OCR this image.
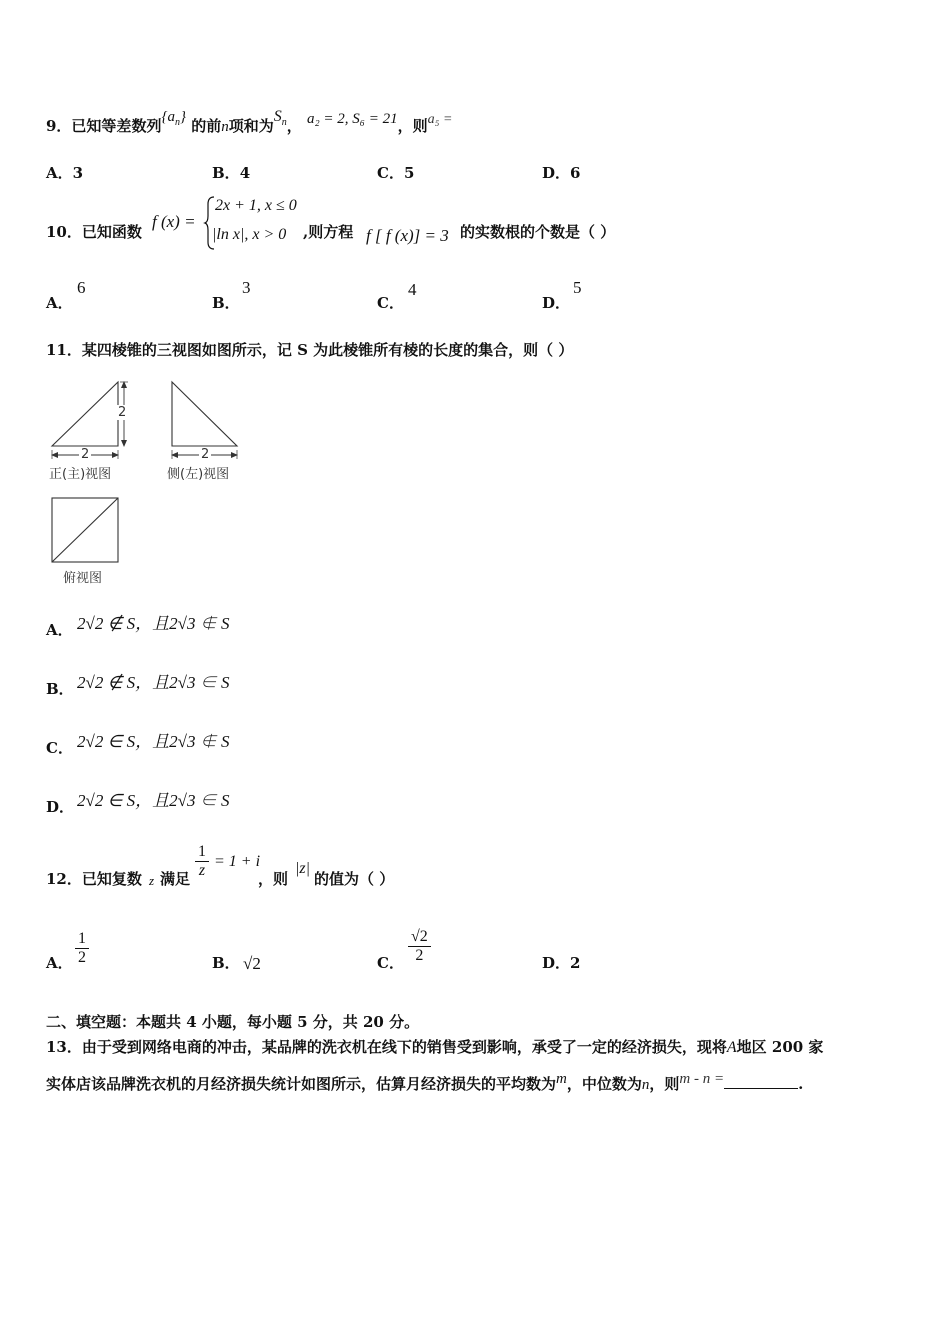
9．已知等差数列$\{a_n\}$ 的前n项和为$S_n$， a₂ = 2, S₆ = 21，则a₅ =
A．3	B．4	C．5	D．6
10．已知函数
f (x) =
2x + 1, x ≤ 0
|ln x|, x > 0 ,则方程 f [ f (x)] = 3 的实数根的个数是（ ）
A．
6
B．
3
C．
4
D．
5
11．某四棱锥的三视图如图所示，记 S 为此棱锥所有棱的长度的集合，则（ ）
2
2
正(主)视图
2
侧(左)视图
俯视图
A． 2√2 ∉ S，且2√3 ∉ S
B． 2√2 ∉ S，且2√3 ∈ S
C． 2√2 ∈ S，且2√3 ∉ S
D． 2√2 ∈ S，且2√3 ∈ S
12．已知复数 z 满足 $\frac{1}{z} = 1 + i$
，则
|z|
的值为（ ）
A． $\frac{1}{2}$	B． √2	C． $\frac{√2}{2}$	D．2
二、填空题：本题共 4 小题，每小题 5 分，共 20 分。
13．由于受到网络电商的冲击，某品牌的洗衣机在线下的销售受到影响，承受了一定的经济损失，现将A地区 200 家
实体店该品牌洗衣机的月经济损失统计如图所示，估算月经济损失的平均数为m，中位数为n，则m - n =	.
